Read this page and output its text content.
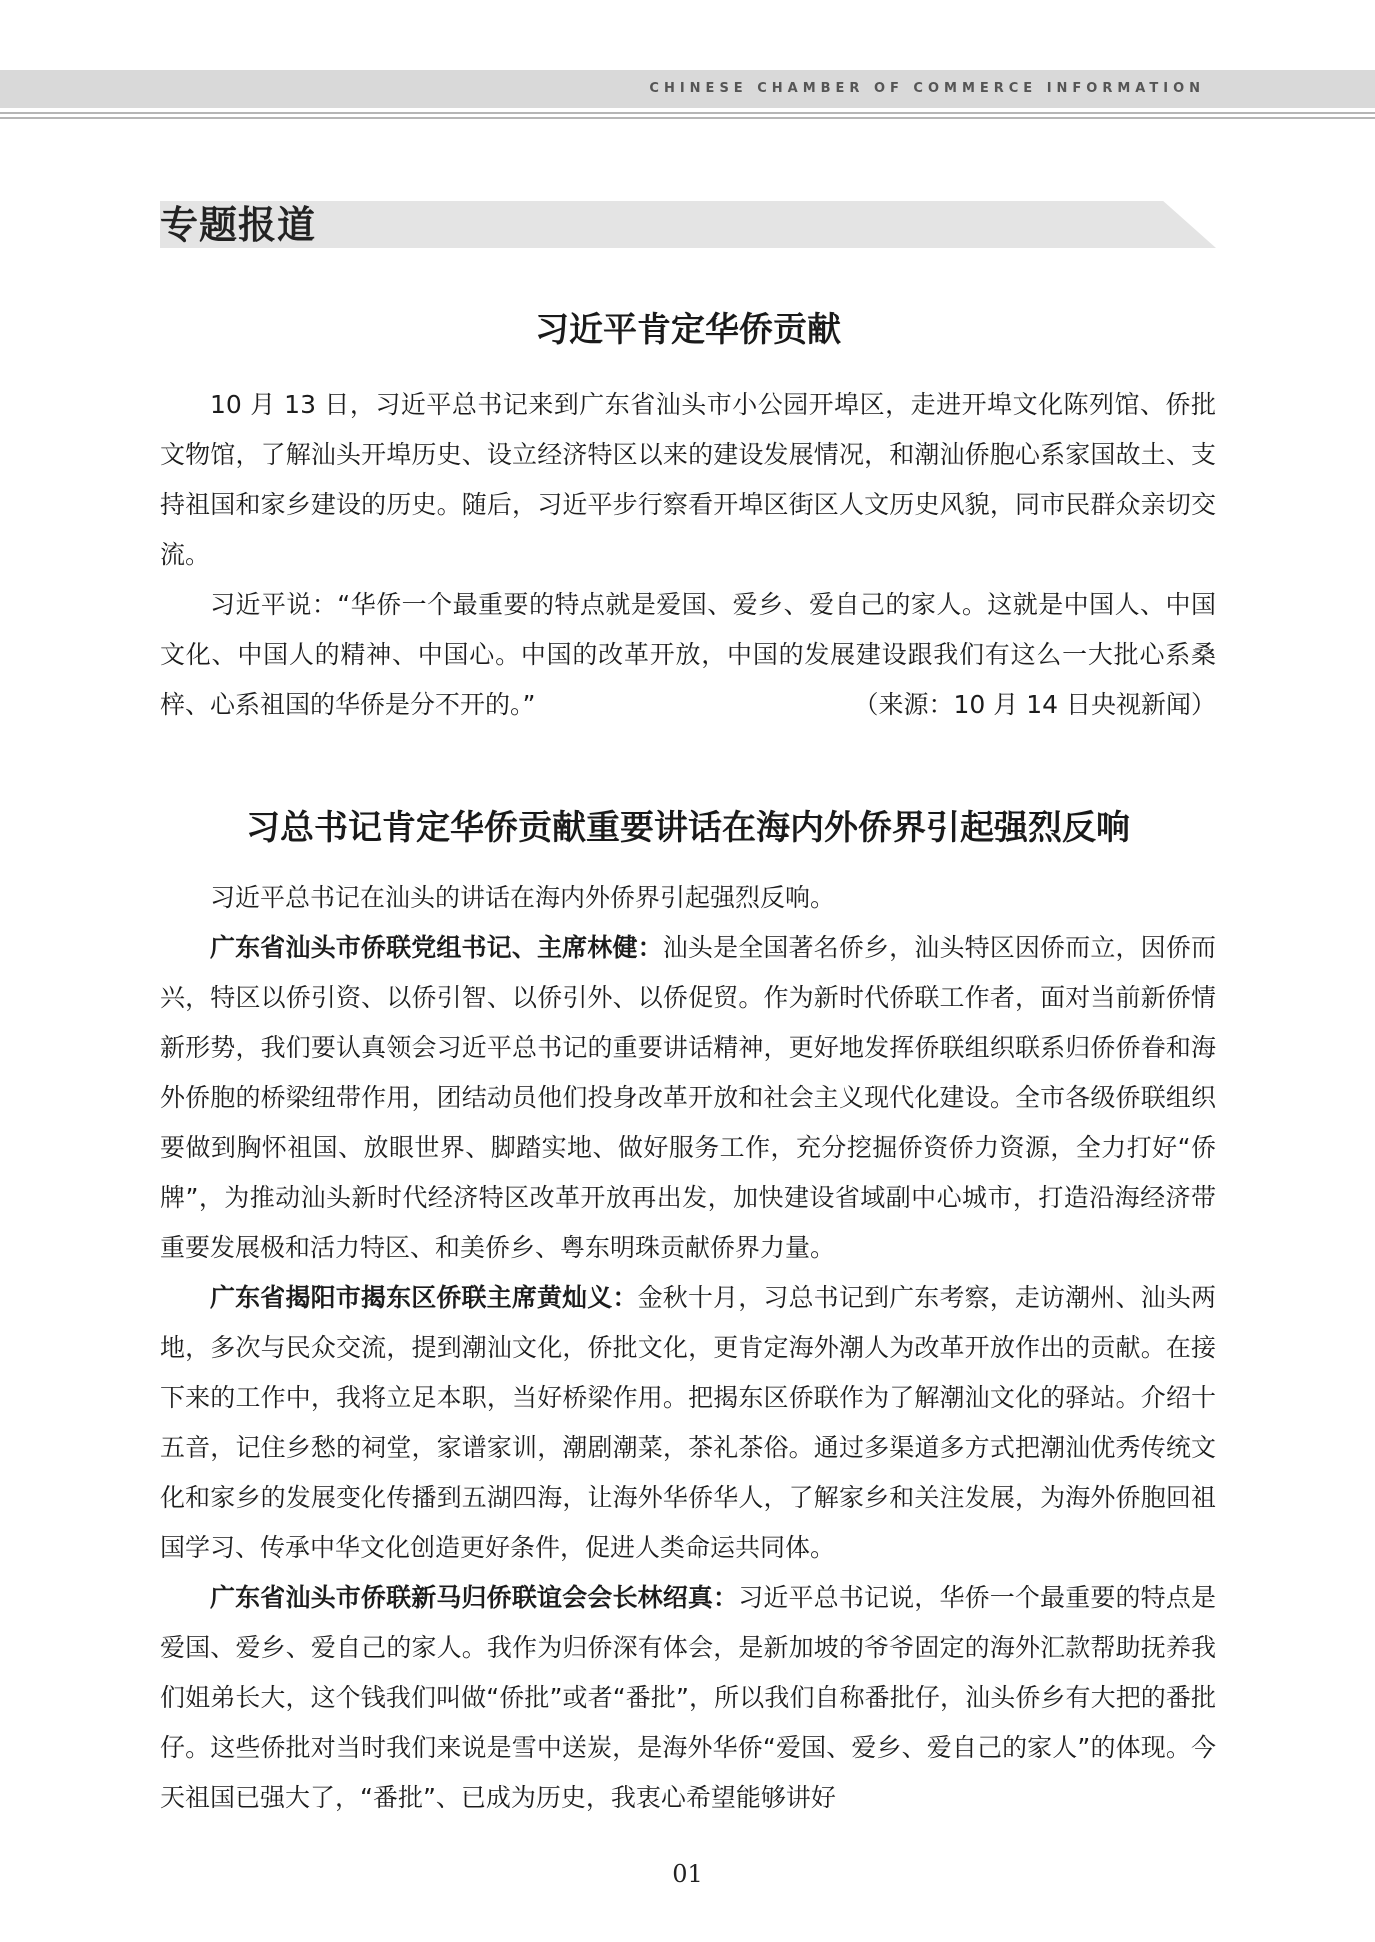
CHINESE CHAMBER OF COMMERCE INFORMATION
专题报道
习近平肯定华侨贡献

10 月 13 日，习近平总书记来到广东省汕头市小公园开埠区，走进开埠文化陈列馆、侨批文物馆，了解汕头开埠历史、设立经济特区以来的建设发展情况，和潮汕侨胞心系家国故土、支持祖国和家乡建设的历史。随后，习近平步行察看开埠区街区人文历史风貌，同市民群众亲切交流。

习近平说：“华侨一个最重要的特点就是爱国、爱乡、爱自己的家人。这就是中国人、中国文化、中国人的精神、中国心。中国的改革开放，中国的发展建设跟我们有这么一大批心系桑梓、心系祖国的华侨是分不开的。”	（来源：10 月 14 日央视新闻）

习总书记肯定华侨贡献重要讲话在海内外侨界引起强烈反响

习近平总书记在汕头的讲话在海内外侨界引起强烈反响。

广东省汕头市侨联党组书记、主席林健：汕头是全国著名侨乡，汕头特区因侨而立，因侨而兴，特区以侨引资、以侨引智、以侨引外、以侨促贸。作为新时代侨联工作者，面对当前新侨情新形势，我们要认真领会习近平总书记的重要讲话精神，更好地发挥侨联组织联系归侨侨眷和海外侨胞的桥梁纽带作用，团结动员他们投身改革开放和社会主义现代化建设。全市各级侨联组织要做到胸怀祖国、放眼世界、脚踏实地、做好服务工作，充分挖掘侨资侨力资源，全力打好“侨牌”，为推动汕头新时代经济特区改革开放再出发，加快建设省域副中心城市，打造沿海经济带重要发展极和活力特区、和美侨乡、粤东明珠贡献侨界力量。

广东省揭阳市揭东区侨联主席黄灿义：金秋十月，习总书记到广东考察，走访潮州、汕头两地，多次与民众交流，提到潮汕文化，侨批文化，更肯定海外潮人为改革开放作出的贡献。在接下来的工作中，我将立足本职，当好桥梁作用。把揭东区侨联作为了解潮汕文化的驿站。介绍十五音，记住乡愁的祠堂，家谱家训，潮剧潮菜，茶礼茶俗。通过多渠道多方式把潮汕优秀传统文化和家乡的发展变化传播到五湖四海，让海外华侨华人，了解家乡和关注发展，为海外侨胞回祖国学习、传承中华文化创造更好条件，促进人类命运共同体。

广东省汕头市侨联新马归侨联谊会会长林绍真：习近平总书记说，华侨一个最重要的特点是爱国、爱乡、爱自己的家人。我作为归侨深有体会，是新加坡的爷爷固定的海外汇款帮助抚养我们姐弟长大，这个钱我们叫做“侨批”或者“番批”，所以我们自称番批仔，汕头侨乡有大把的番批仔。这些侨批对当时我们来说是雪中送炭，是海外华侨“爱国、爱乡、爱自己的家人”的体现。今天祖国已强大了，“番批”、已成为历史，我衷心希望能够讲好

01
